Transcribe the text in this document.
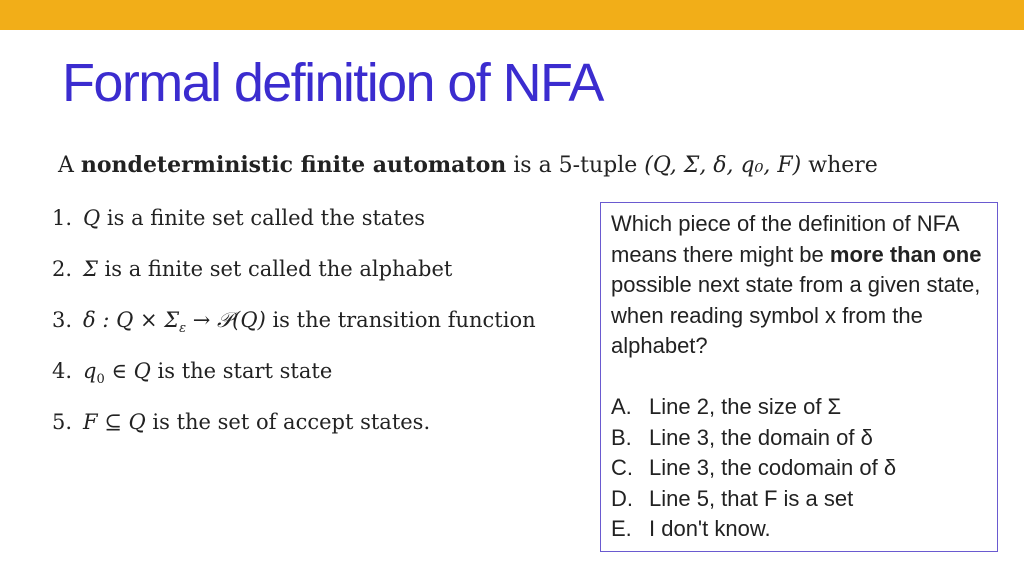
Formal definition of NFA
A nondeterministic finite automaton is a 5-tuple (Q, Σ, δ, q₀, F) where
1. Q is a finite set called the states
2. Σ is a finite set called the alphabet
3. δ : $Q \times \Sigma_\varepsilon$ → 𝒫(Q) is the transition function
4. $q_0$ ∈ Q is the start state
5. F ⊆ Q is the set of accept states.

Which piece of the definition of NFA means there might be more than one possible next state from a given state, when reading symbol x from the alphabet?

A. Line 2, the size of Σ
B. Line 3, the domain of δ
C. Line 3, the codomain of δ
D. Line 5, that F is a set
E. I don't know.
